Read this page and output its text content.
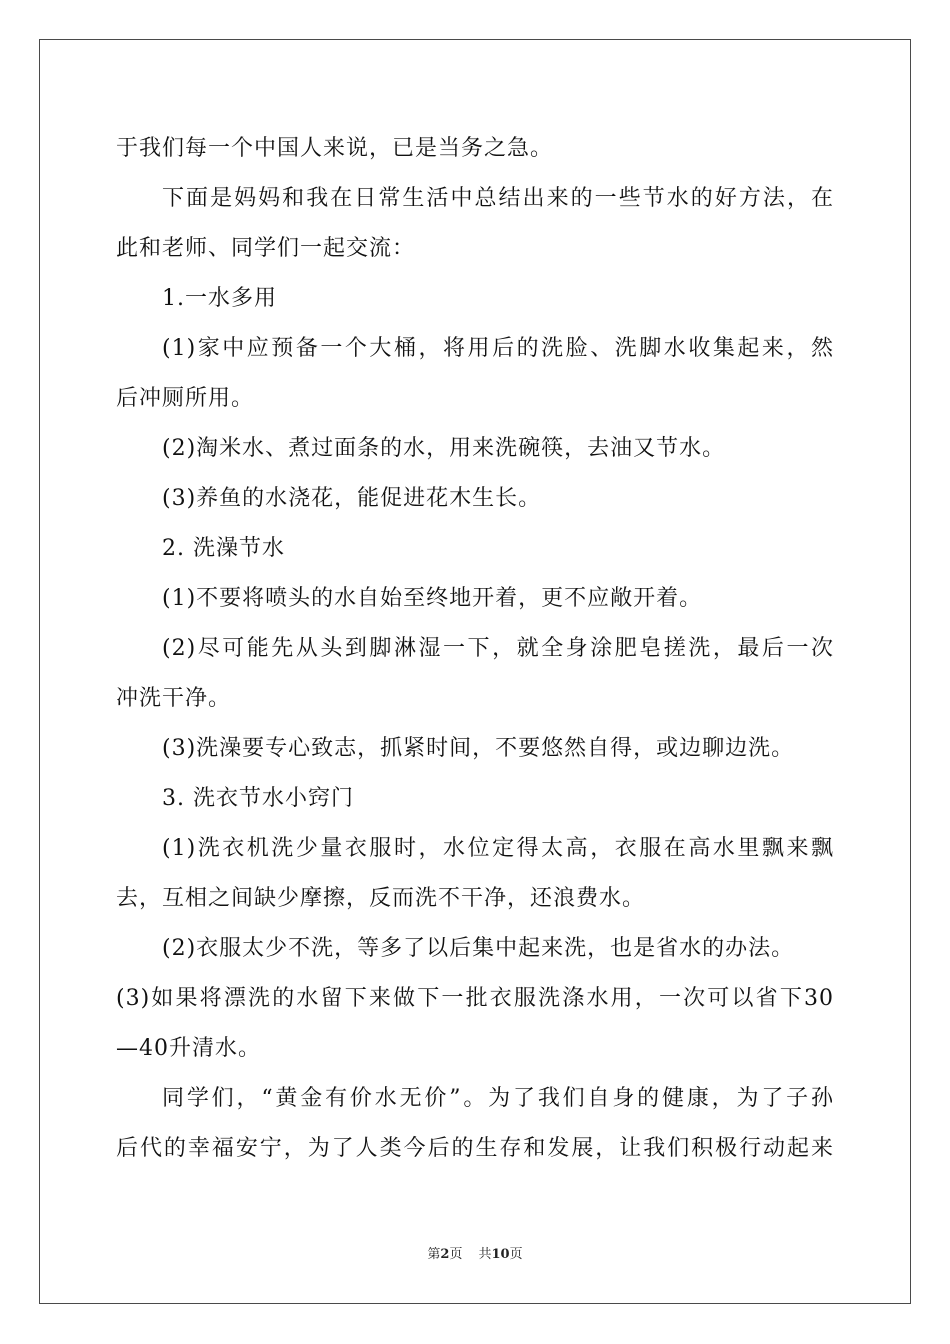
于我们每一个中国人来说，已是当务之急。
下面是妈妈和我在日常生活中总结出来的一些节水的好方法，在
此和老师、同学们一起交流：
1.一水多用
(1)家中应预备一个大桶，将用后的洗脸、洗脚水收集起来，然
后冲厕所用。
(2)淘米水、煮过面条的水，用来洗碗筷，去油又节水。
(3)养鱼的水浇花，能促进花木生长。
2. 洗澡节水
(1)不要将喷头的水自始至终地开着，更不应敞开着。
(2)尽可能先从头到脚淋湿一下，就全身涂肥皂搓洗，最后一次
冲洗干净。
(3)洗澡要专心致志，抓紧时间，不要悠然自得，或边聊边洗。
3. 洗衣节水小窍门
(1)洗衣机洗少量衣服时，水位定得太高，衣服在高水里飘来飘
去，互相之间缺少摩擦，反而洗不干净，还浪费水。
(2)衣服太少不洗，等多了以后集中起来洗，也是省水的办法。
(3)如果将漂洗的水留下来做下一批衣服洗涤水用，一次可以省下30
—40升清水。
同学们，“黄金有价水无价”。为了我们自身的健康，为了子孙
后代的幸福安宁，为了人类今后的生存和发展，让我们积极行动起来
第2页 共10页
